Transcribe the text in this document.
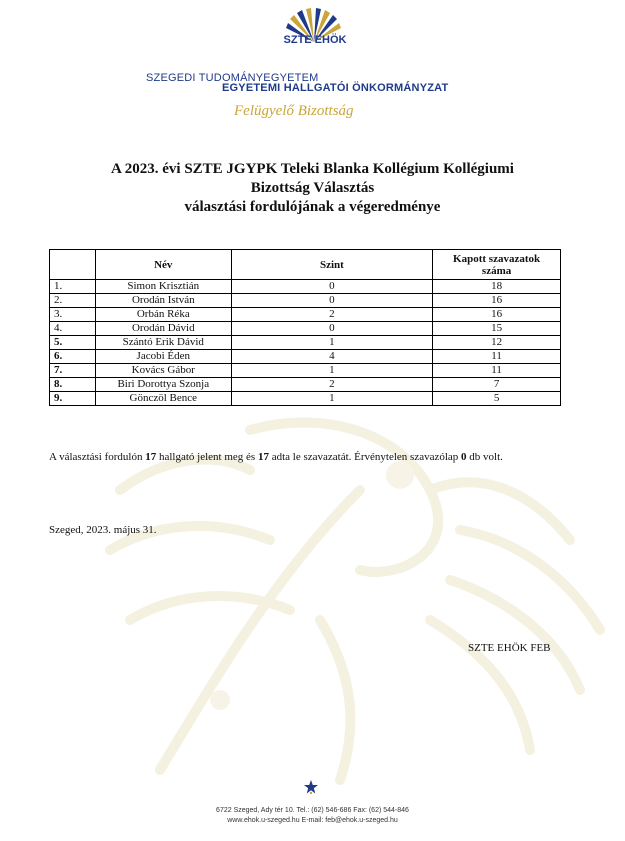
SZTE EHÖK
SZEGEDI TUDOMÁNYEGYETEM
EGYETEMI HALLGATÓI ÖNKORMÁNYZAT
Felügyelő Bizottság
A 2023. évi SZTE JGYPK Teleki Blanka Kollégium Kollégiumi
Bizottság Választás
választási fordulójának a végeredménye
	Név	Szint	Kapott szavazatok száma
1.	Simon Krisztián	0	18
2.	Orodán István	0	16
3.	Orbán Réka	2	16
4.	Orodán Dávid	0	15
5.	Szántó Erik Dávid	1	12
6.	Jacobi Éden	4	11
7.	Kovács Gábor	1	11
8.	Biri Dorottya Szonja	2	7
9.	Gönczöl Bence	1	5
A választási fordulón 17 hallgató jelent meg és 17 adta le szavazatát. Érvénytelen szavazólap 0 db volt.
Szeged, 2023. május 31.
SZTE EHÖK FEB
6722 Szeged, Ady tér 10. Tel.: (62) 546-686 Fax: (62) 544-846
www.ehok.u-szeged.hu E-mail: feb@ehok.u-szeged.hu
